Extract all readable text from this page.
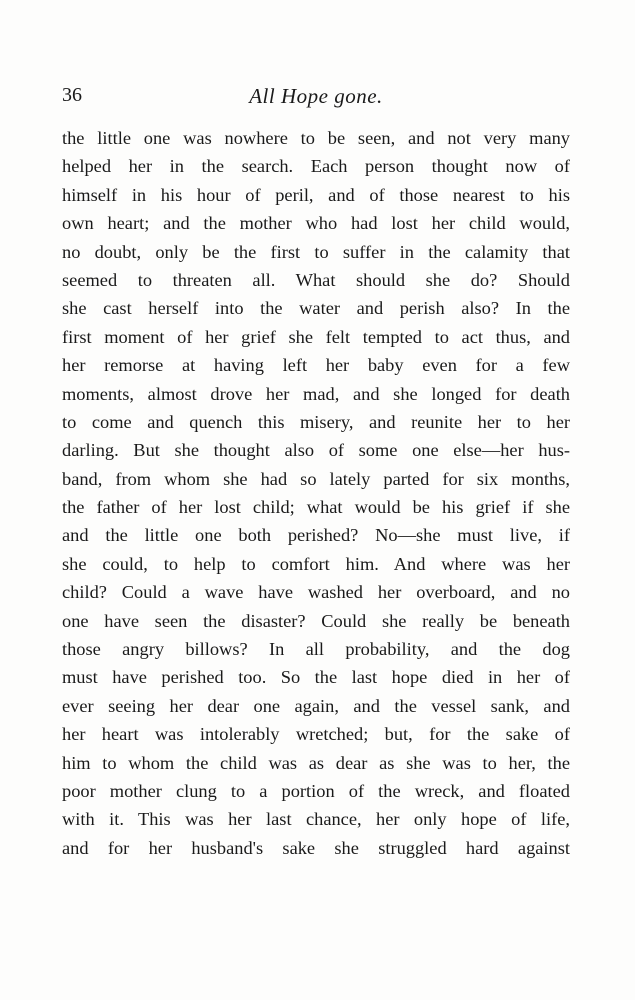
36	All Hope gone.
the little one was nowhere to be seen, and not very many
helped her in the search. Each person thought now of
himself in his hour of peril, and of those nearest to his
own heart; and the mother who had lost her child would,
no doubt, only be the first to suffer in the calamity that
seemed to threaten all. What should she do? Should
she cast herself into the water and perish also? In the
first moment of her grief she felt tempted to act thus, and
her remorse at having left her baby even for a few
moments, almost drove her mad, and she longed for death
to come and quench this misery, and reunite her to her
darling. But she thought also of some one else—her hus-
band, from whom she had so lately parted for six months,
the father of her lost child; what would be his grief if she
and the little one both perished? No—she must live, if
she could, to help to comfort him. And where was her
child? Could a wave have washed her overboard, and no
one have seen the disaster? Could she really be beneath
those angry billows? In all probability, and the dog
must have perished too. So the last hope died in her of
ever seeing her dear one again, and the vessel sank, and
her heart was intolerably wretched; but, for the sake of
him to whom the child was as dear as she was to her, the
poor mother clung to a portion of the wreck, and floated
with it. This was her last chance, her only hope of life,
and for her husband's sake she struggled hard against
